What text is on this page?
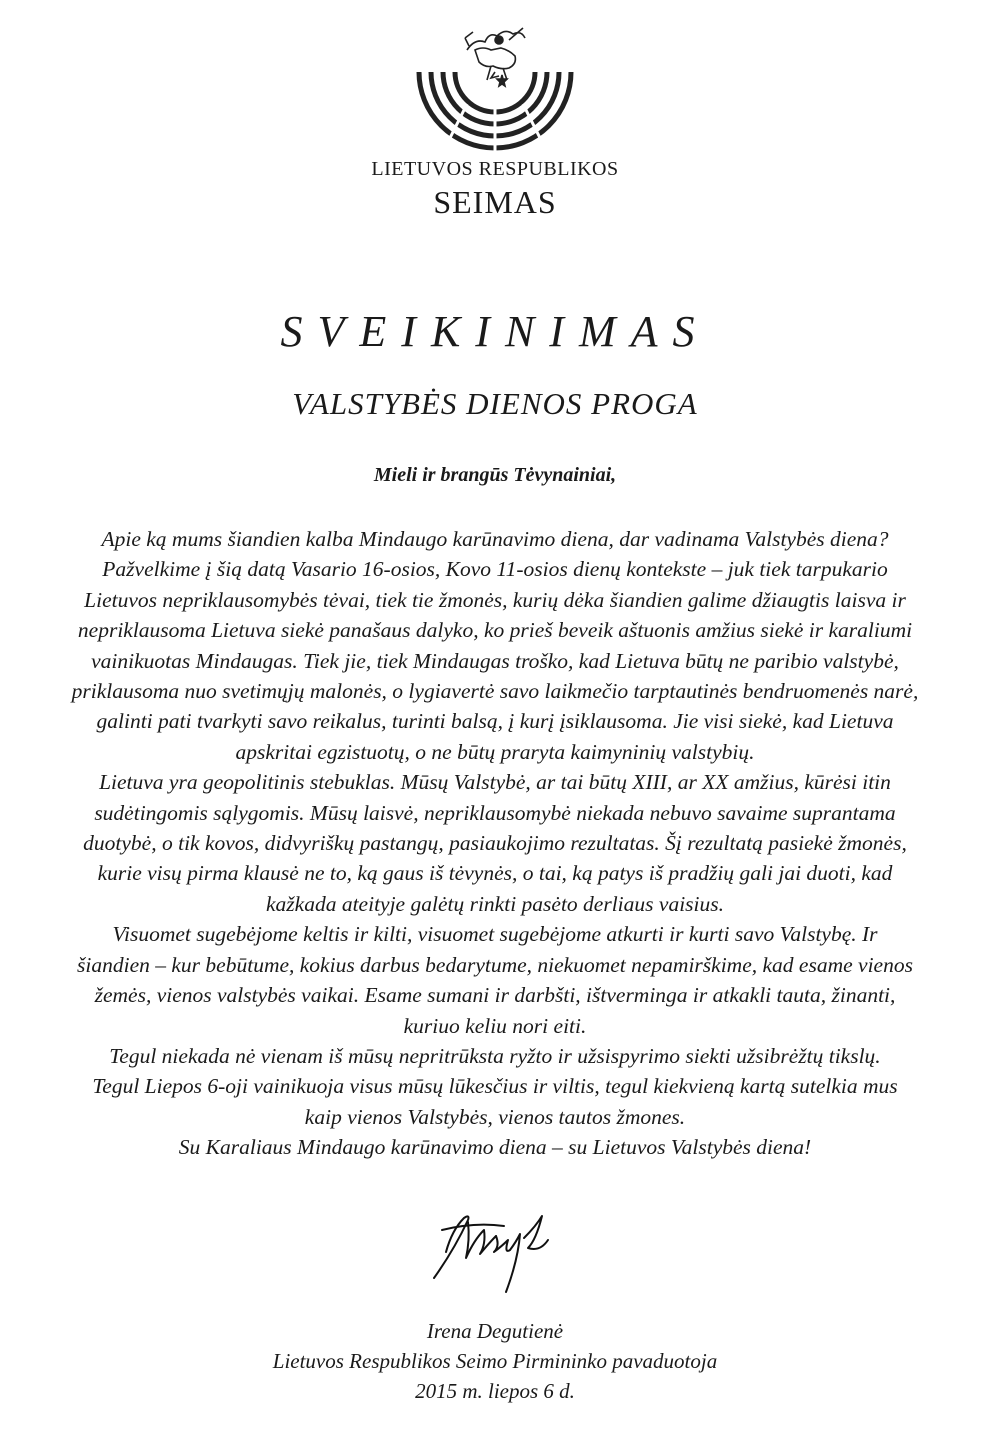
LIETUVOS RESPUBLIKOS
SEIMAS
SVEIKINIMAS
VALSTYBĖS DIENOS PROGA
Mieli ir brangūs Tėvynainiai,
Apie ką mums šiandien kalba Mindaugo karūnavimo diena, dar vadinama Valstybės diena?
Pažvelkime į šią datą Vasario 16-osios, Kovo 11-osios dienų kontekste – juk tiek tarpukario
Lietuvos nepriklausomybės tėvai, tiek tie žmonės, kurių dėka šiandien galime džiaugtis laisva ir
nepriklausoma Lietuva siekė panašaus dalyko, ko prieš beveik aštuonis amžius siekė ir karaliumi
vainikuotas Mindaugas. Tiek jie, tiek Mindaugas troško, kad Lietuva būtų ne paribio valstybė,
priklausoma nuo svetimųjų malonės, o lygiavertė savo laikmečio tarptautinės bendruomenės narė,
galinti pati tvarkyti savo reikalus, turinti balsą, į kurį įsiklausoma. Jie visi siekė, kad Lietuva
apskritai egzistuotų, o ne būtų praryta kaimyninių valstybių.
Lietuva yra geopolitinis stebuklas. Mūsų Valstybė, ar tai būtų XIII, ar XX amžius, kūrėsi itin
sudėtingomis sąlygomis. Mūsų laisvė, nepriklausomybė niekada nebuvo savaime suprantama
duotybė, o tik kovos, didvyriškų pastangų, pasiaukojimo rezultatas. Šį rezultatą pasiekė žmonės,
kurie visų pirma klausė ne to, ką gaus iš tėvynės, o tai, ką patys iš pradžių gali jai duoti, kad
kažkada ateityje galėtų rinkti pasėto derliaus vaisius.
Visuomet sugebėjome keltis ir kilti, visuomet sugebėjome atkurti ir kurti savo Valstybę. Ir
šiandien – kur bebūtume, kokius darbus bedarytume, niekuomet nepamirškime, kad esame vienos
žemės, vienos valstybės vaikai. Esame sumani ir darbšti, ištverminga ir atkakli tauta, žinanti,
kuriuo keliu nori eiti.
Tegul niekada nė vienam iš mūsų nepritrūksta ryžto ir užsispyrimo siekti užsibrėžtų tikslų.
Tegul Liepos 6-oji vainikuoja visus mūsų lūkesčius ir viltis, tegul kiekvieną kartą sutelkia mus
kaip vienos Valstybės, vienos tautos žmones.
Su Karaliaus Mindaugo karūnavimo diena – su Lietuvos Valstybės diena!
Irena Degutienė
Lietuvos Respublikos Seimo Pirmininko pavaduotoja
2015 m. liepos 6 d.
